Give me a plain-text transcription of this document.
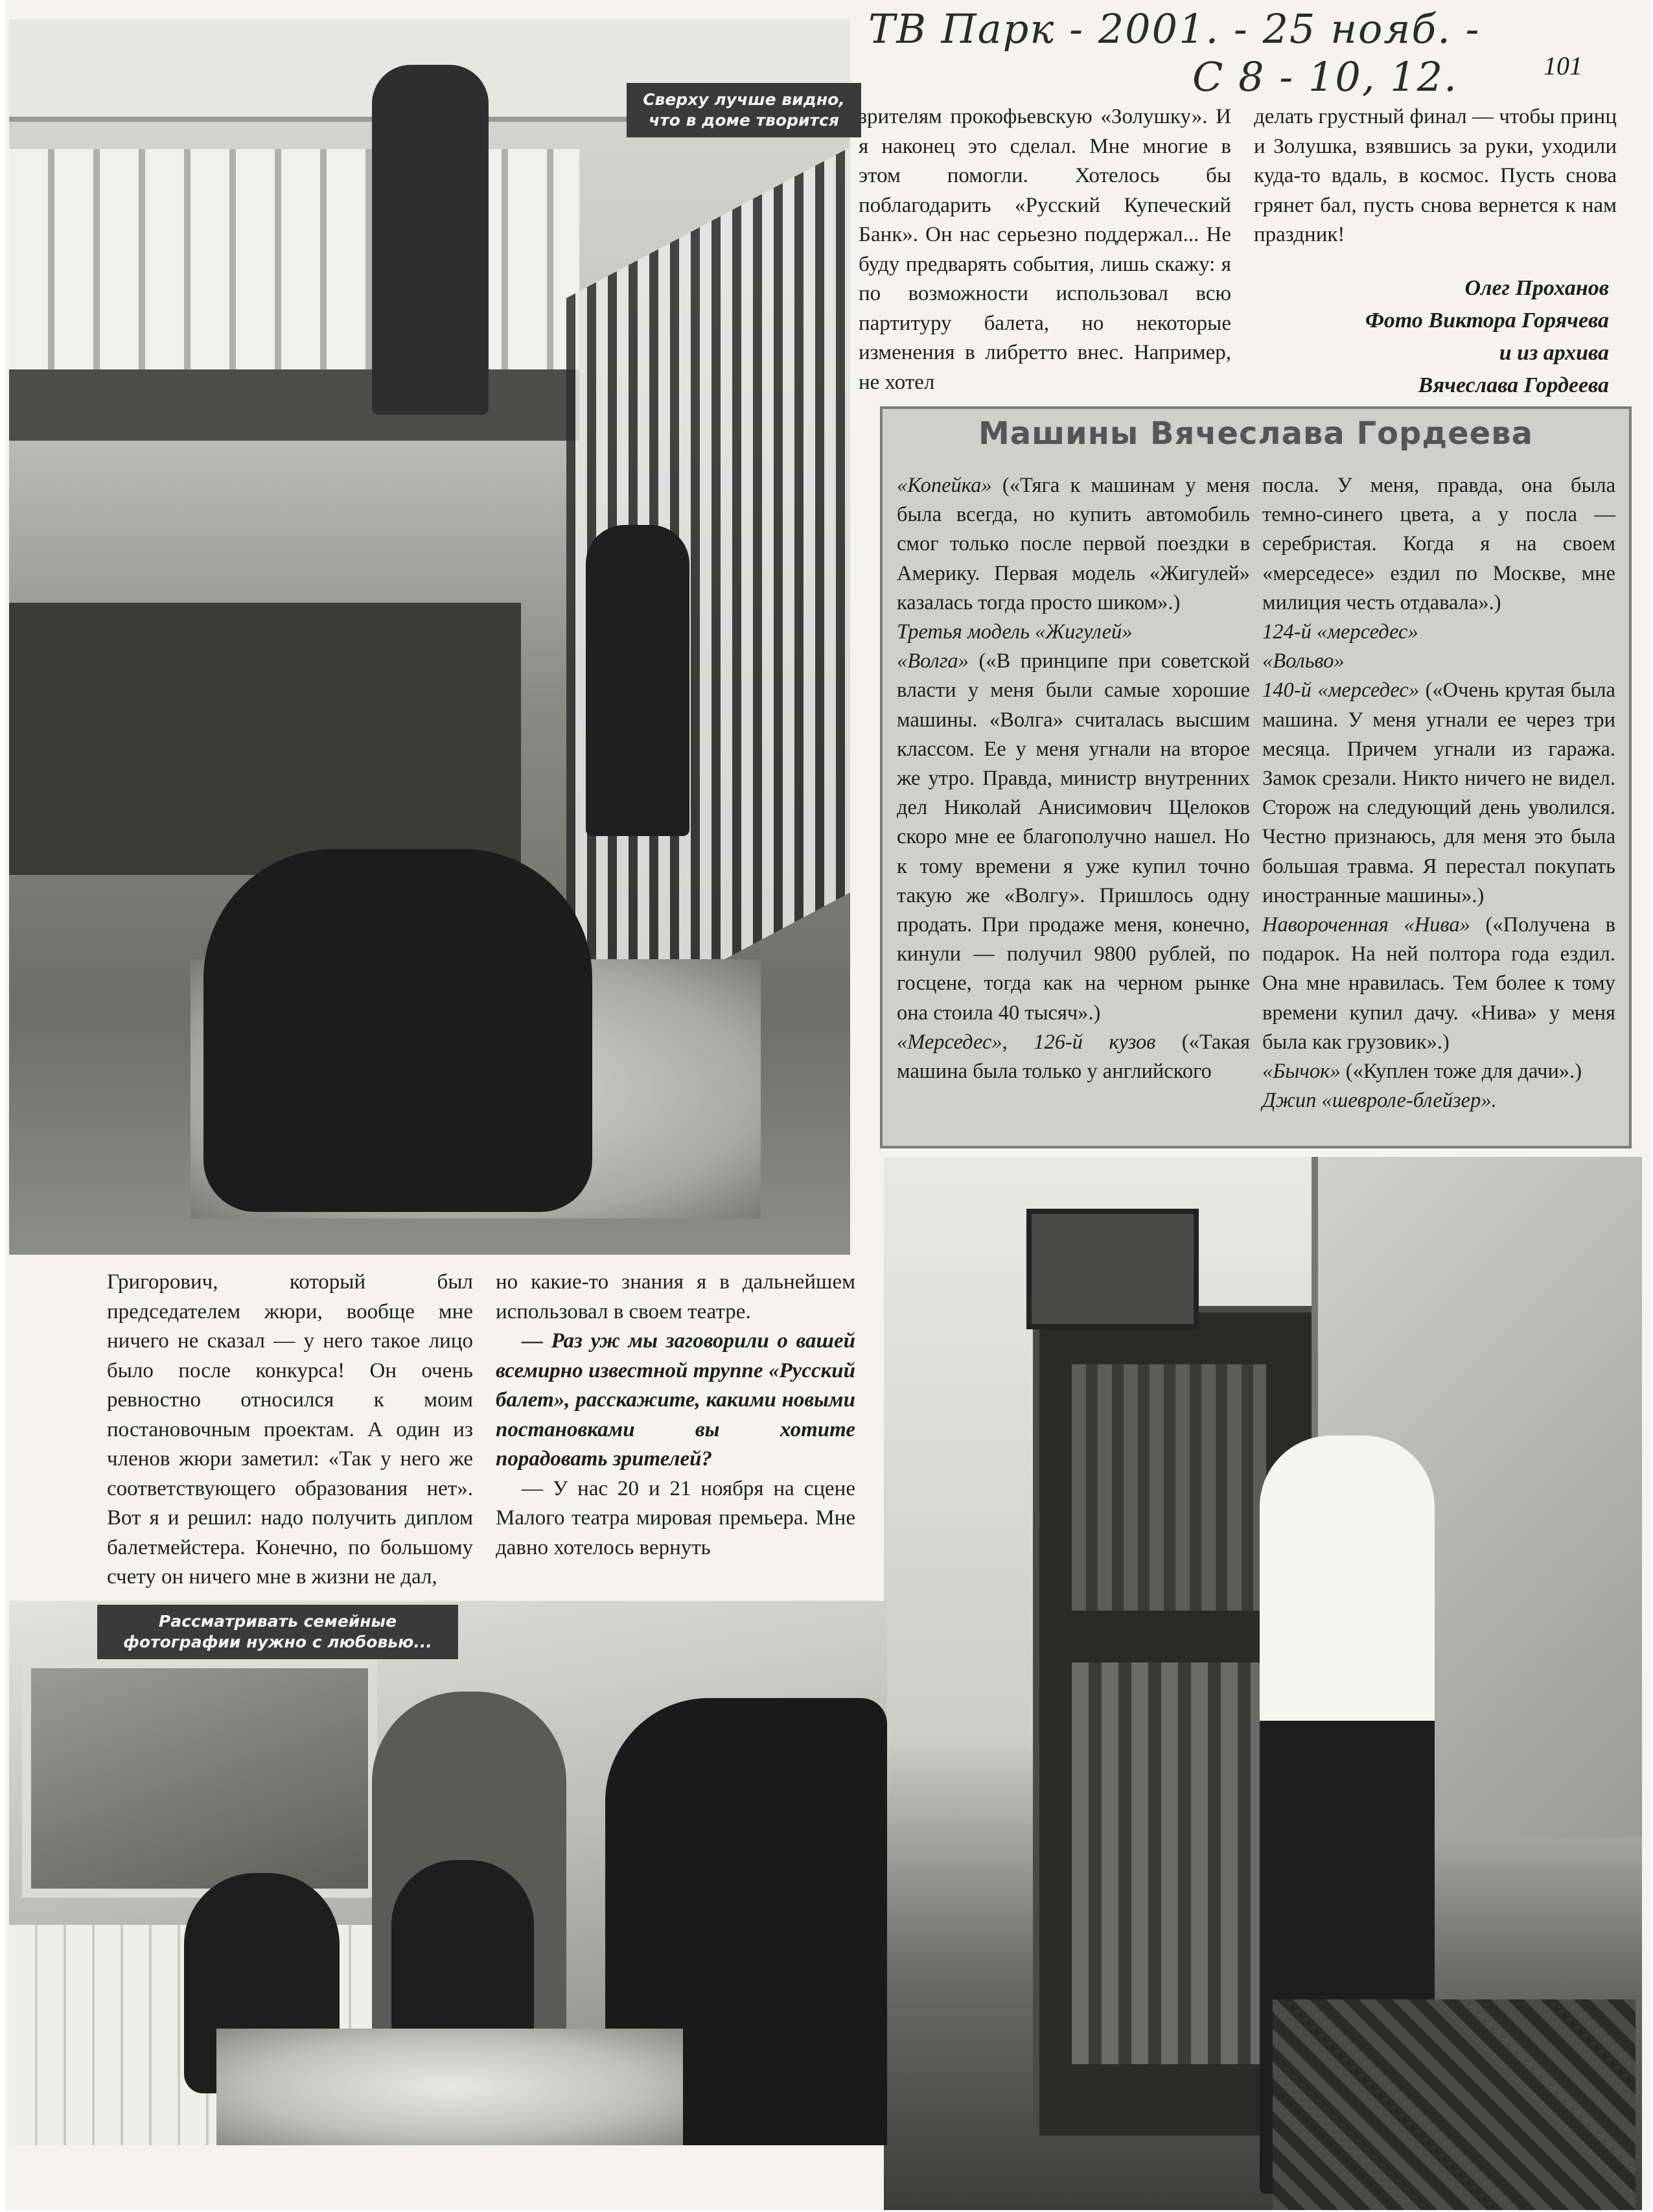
ТВ Парк - 2001. - 25 нояб. -
С 8 - 10, 12.	101
Сверху лучше видно,
что в доме творится зрителям прокофьевскую «Золушку». И я наконец это сделал. Мне многие в этом помогли. Хотелось бы поблагодарить «Русский Купеческий Банк». Он нас серьезно поддержал... Не буду предварять события, лишь скажу: я по возможности использовал всю партитуру балета, но некоторые изменения в либретто внес. Например, не хотел

делать грустный финал — чтобы принц и Золушка, взявшись за руки, уходили куда-то вдаль, в космос. Пусть снова грянет бал, пусть снова вернется к нам праздник!

Олег Проханов
Фото Виктора Горячева
и из архива
Вячеслава Гордеева
Машины Вячеслава Гордеева

«Копейка» («Тяга к машинам у меня была всегда, но купить автомобиль смог только после первой поездки в Америку. Первая модель «Жигулей» казалась тогда просто шиком».)

Третья модель «Жигулей»

«Волга» («В принципе при советской власти у меня были самые хорошие машины. «Волга» считалась высшим классом. Ее у меня угнали на второе же утро. Правда, министр внутренних дел Николай Анисимович Щелоков скоро мне ее благополучно нашел. Но к тому времени я уже купил точно такую же «Волгу». Пришлось одну продать. При продаже меня, конечно, кинули — получил 9800 рублей, по госцене, тогда как на черном рынке она стоила 40 тысяч».)

«Мерседес», 126-й кузов («Такая машина была только у английского

посла. У меня, правда, она была темно-синего цвета, а у посла — серебристая. Когда я на своем «мерседесе» ездил по Москве, мне милиция честь отдавала».)

124-й «мерседес»

«Вольво»

140-й «мерседес» («Очень крутая была машина. У меня угнали ее через три месяца. Причем угнали из гаража. Замок срезали. Никто ничего не видел. Сторож на следующий день уволился. Честно признаюсь, для меня это была большая травма. Я перестал покупать иностранные машины».)

Навороченная «Нива» («Получена в подарок. На ней полтора года ездил. Она мне нравилась. Тем более к тому времени купил дачу. «Нива» у меня была как грузовик».)

«Бычок» («Куплен тоже для дачи».)

Джип «шевроле-блейзер».

Григорович, который был председателем жюри, вообще мне ничего не сказал — у него такое лицо было после конкурса! Он очень ревностно относился к моим постановочным проектам. А один из членов жюри заметил: «Так у него же соответствующего образования нет». Вот я и решил: надо получить диплом балетмейстера. Конечно, по большому счету он ничего мне в жизни не дал,

но какие-то знания я в дальнейшем использовал в своем театре.

— Раз уж мы заговорили о вашей всемирно известной труппе «Русский балет», расскажите, какими новыми постановками вы хотите порадовать зрителей?

— У нас 20 и 21 ноября на сцене Малого театра мировая премьера. Мне давно хотелось вернуть

Рассматривать семейные
фотографии нужно с любовью...
